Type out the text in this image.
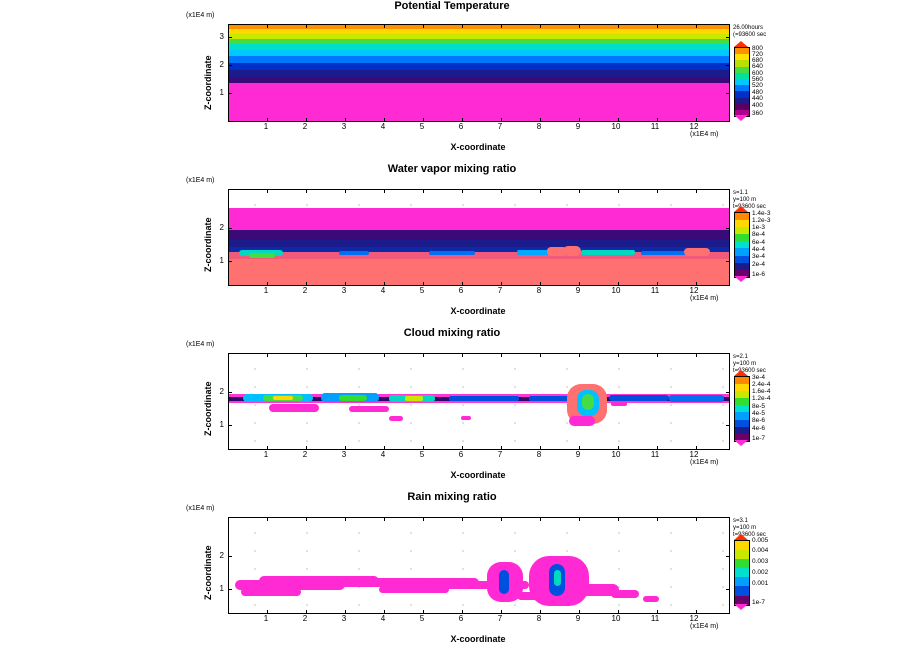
Potential Temperature
(x1E4 m)
Z-coordinate 1
2
3
1	2	3	4	5	6	7	8	9	10	11	12
(x1E4 m)
X-coordinate
26.00hours
(=93600 sec
800
720
680
640
600
560
520
480
440
400
360
Water vapor mixing ratio
(x1E4 m)
Z-coordinate 1
2
1	2	3	4	5	6	7	8	9	10	11	12
(x1E4 m)
X-coordinate
s=1.1
y=100 m
t=93600 sec
1.4e-3
1.2e-3
1e-3
8e-4
6e-4
4e-4
3e-4
2e-4
1e-6
Cloud mixing ratio
(x1E4 m)
Z-coordinate 1
2
1	2	3	4	5	6	7	8	9	10	11	12
(x1E4 m)
X-coordinate
s=2.1
y=100 m
t=93600 sec
3e-4
2.4e-4
1.6e-4
1.2e-4
8e-5
4e-5
8e-6
4e-6
1e-7
Rain mixing ratio
(x1E4 m)
Z-coordinate 1
2
1	2	3	4	5	6	7	8	9	10	11	12
(x1E4 m)
X-coordinate
s=3.1
y=100 m
t=93600 sec
0.005
0.004
0.003
0.002
0.001
1e-7
